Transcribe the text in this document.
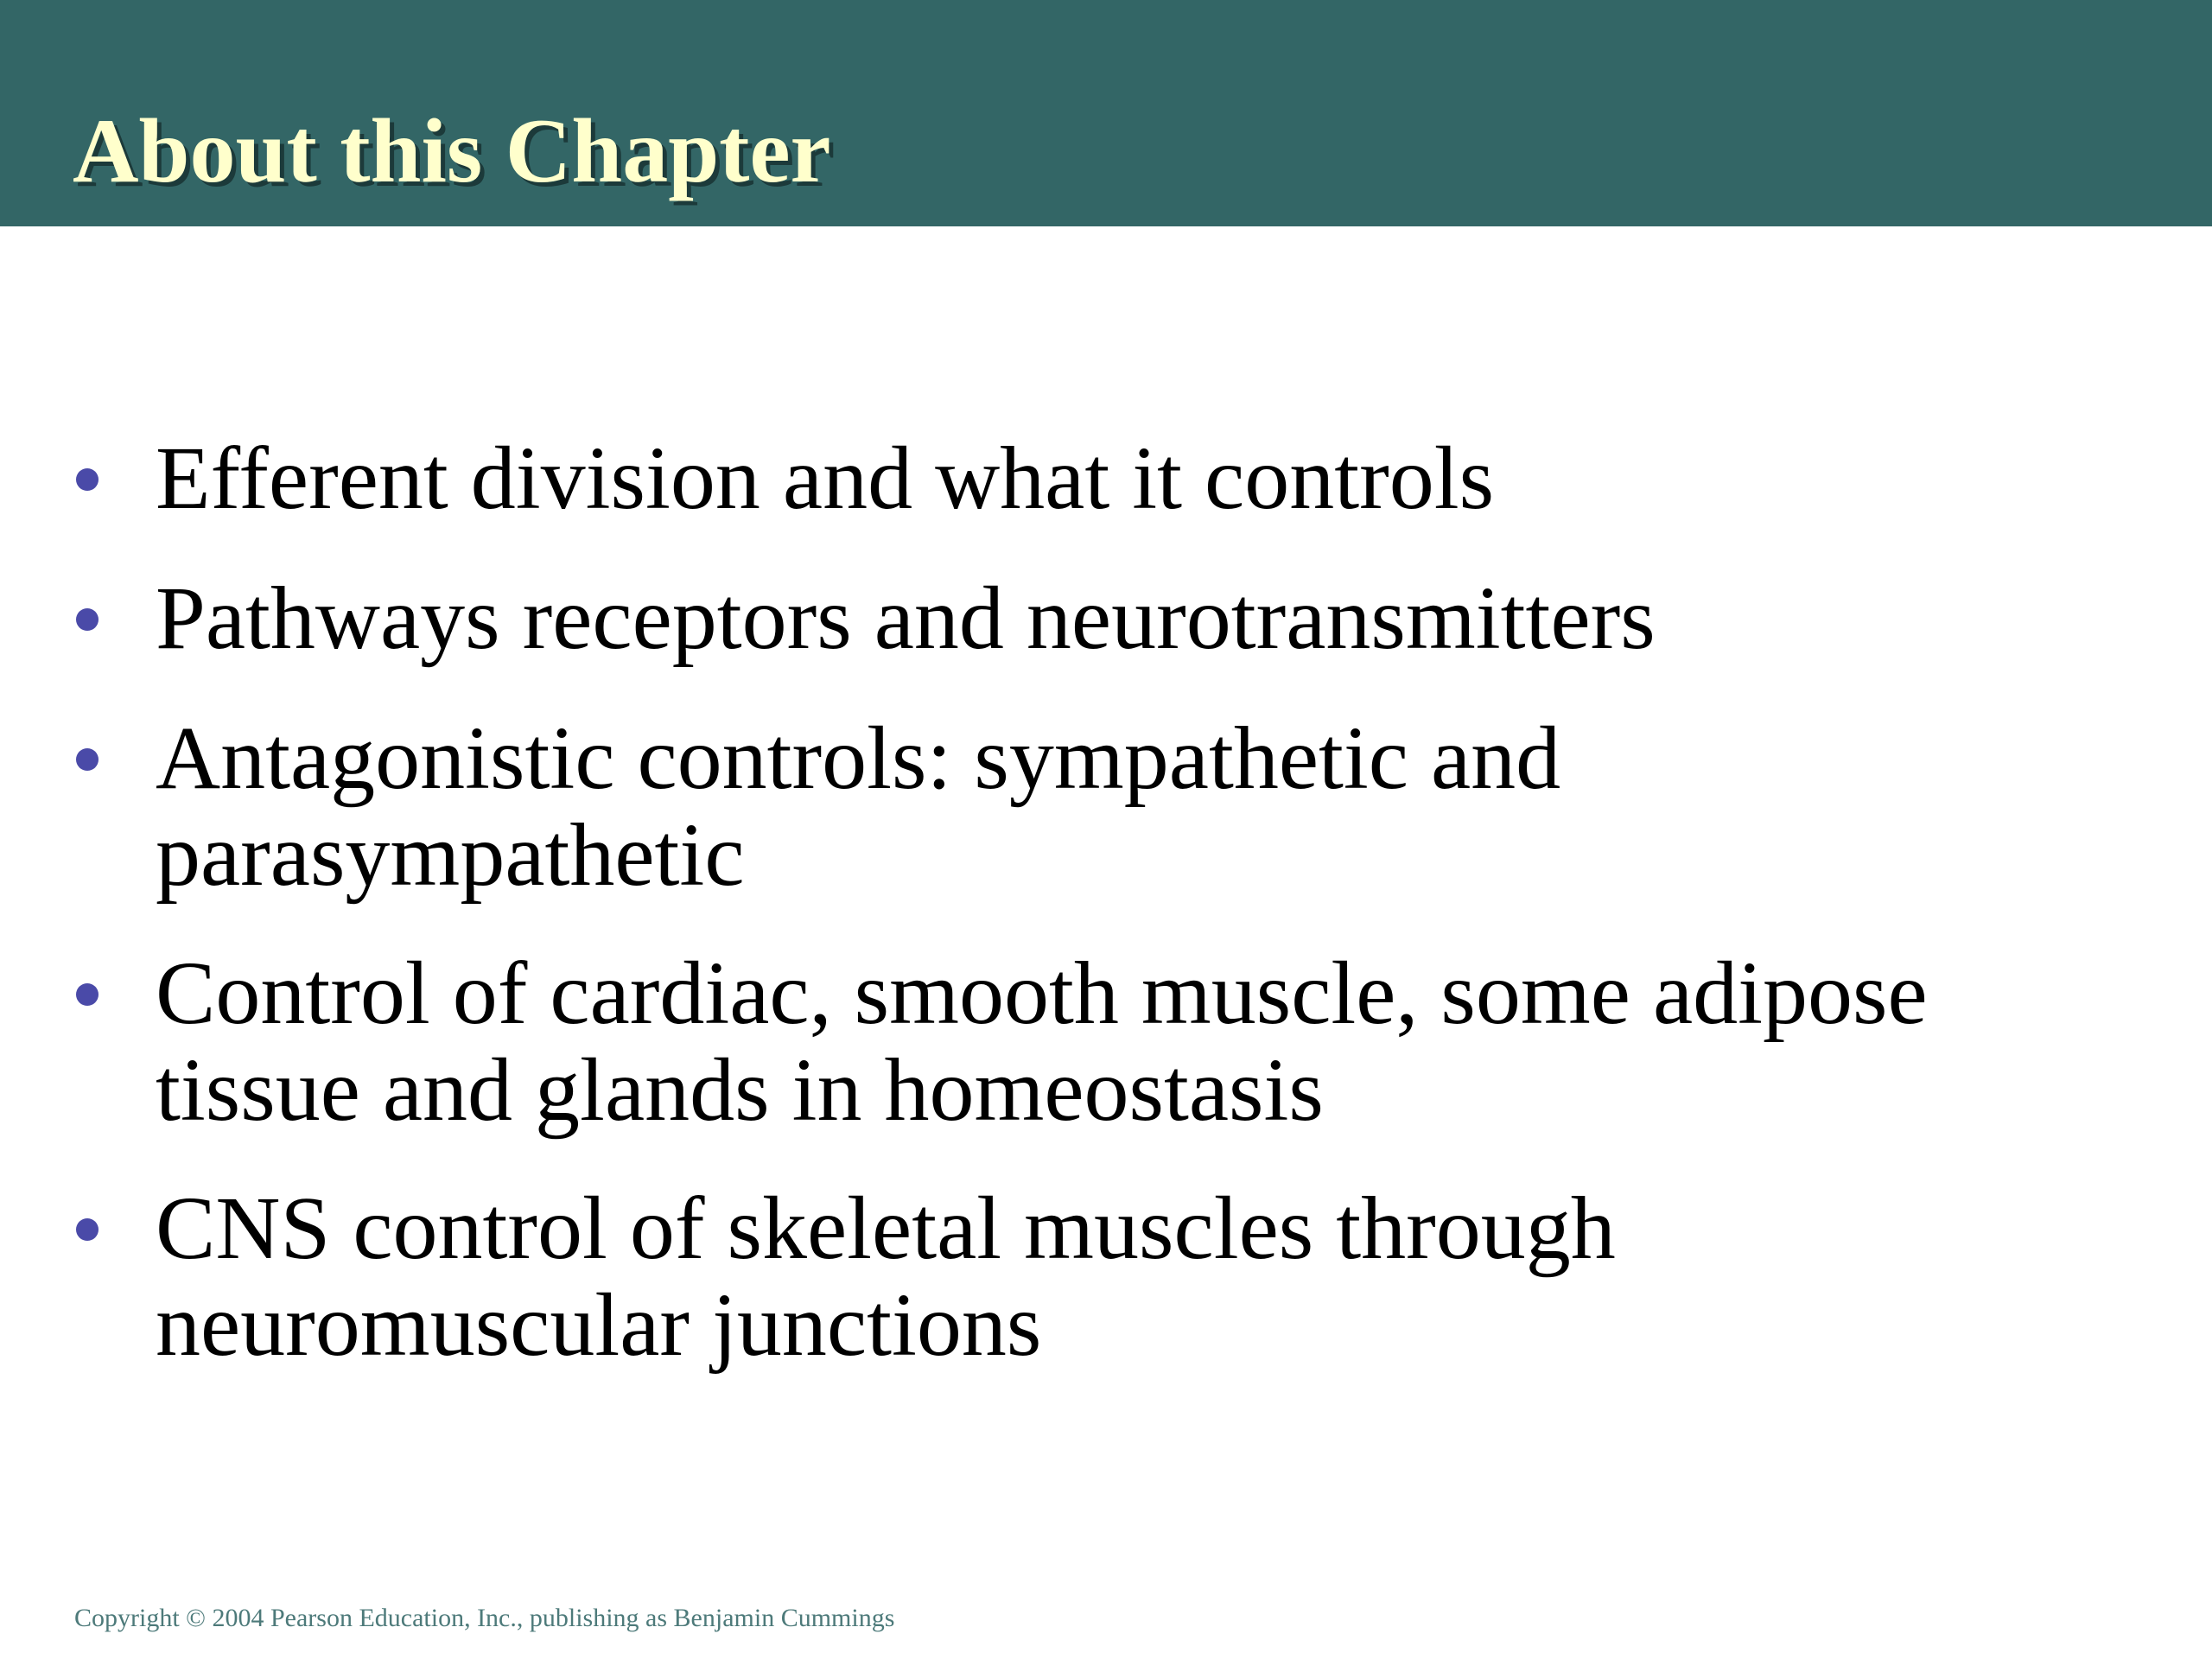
About this Chapter
Efferent division and what it controls
Pathways receptors and neurotransmitters
Antagonistic controls: sympathetic and
parasympathetic
Control of cardiac, smooth muscle, some adipose
tissue and glands in homeostasis
CNS control of skeletal muscles through
neuromuscular junctions
Copyright © 2004 Pearson Education, Inc., publishing as Benjamin Cummings
